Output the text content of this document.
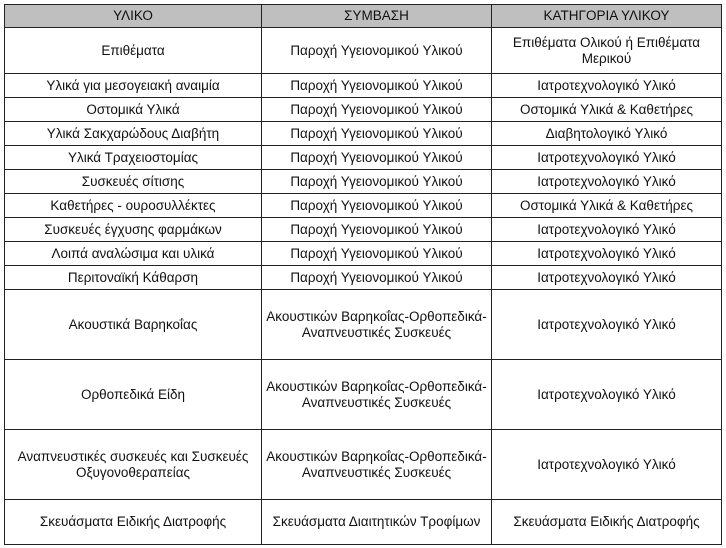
ΥΛΙΚΟ	ΣΥΜΒΑΣΗ	ΚΑΤΗΓΟΡΙΑ ΥΛΙΚΟΥ
Επιθέματα	Παροχή Υγειονομικού Υλικού	Επιθέματα Ολικού ή Επιθέματα Μερικού
Υλικά για μεσογειακή αναιμία	Παροχή Υγειονομικού Υλικού	Ιατροτεχνολογικό Υλικό
Οστομικά Υλικά	Παροχή Υγειονομικού Υλικού	Οστομικά Υλικά & Καθετήρες
Υλικά Σακχαρώδους Διαβήτη	Παροχή Υγειονομικού Υλικού	Διαβητολογικό Υλικό
Υλικά Τραχειοστομίας	Παροχή Υγειονομικού Υλικού	Ιατροτεχνολογικό Υλικό
Συσκευές σίτισης	Παροχή Υγειονομικού Υλικού	Ιατροτεχνολογικό Υλικό
Καθετήρες - ουροσυλλέκτες	Παροχή Υγειονομικού Υλικού	Οστομικά Υλικά & Καθετήρες
Συσκευές έγχυσης φαρμάκων	Παροχή Υγειονομικού Υλικού	Ιατροτεχνολογικό Υλικό
Λοιπά αναλώσιμα και υλικά	Παροχή Υγειονομικού Υλικού	Ιατροτεχνολογικό Υλικό
Περιτοναϊκή Κάθαρση	Παροχή Υγειονομικού Υλικού	Ιατροτεχνολογικό Υλικό
Ακουστικά Βαρηκοΐας	Ακουστικών Βαρηκοΐας-Ορθοπεδικά-Αναπνευστικές Συσκευές	Ιατροτεχνολογικό Υλικό
Ορθοπεδικά Είδη	Ακουστικών Βαρηκοΐας-Ορθοπεδικά-Αναπνευστικές Συσκευές	Ιατροτεχνολογικό Υλικό
Αναπνευστικές συσκευές και Συσκευές Οξυγονοθεραπείας	Ακουστικών Βαρηκοΐας-Ορθοπεδικά-Αναπνευστικές Συσκευές	Ιατροτεχνολογικό Υλικό
Σκευάσματα Ειδικής Διατροφής	Σκευάσματα Διαιτητικών Τροφίμων	Σκευάσματα Ειδικής Διατροφής
